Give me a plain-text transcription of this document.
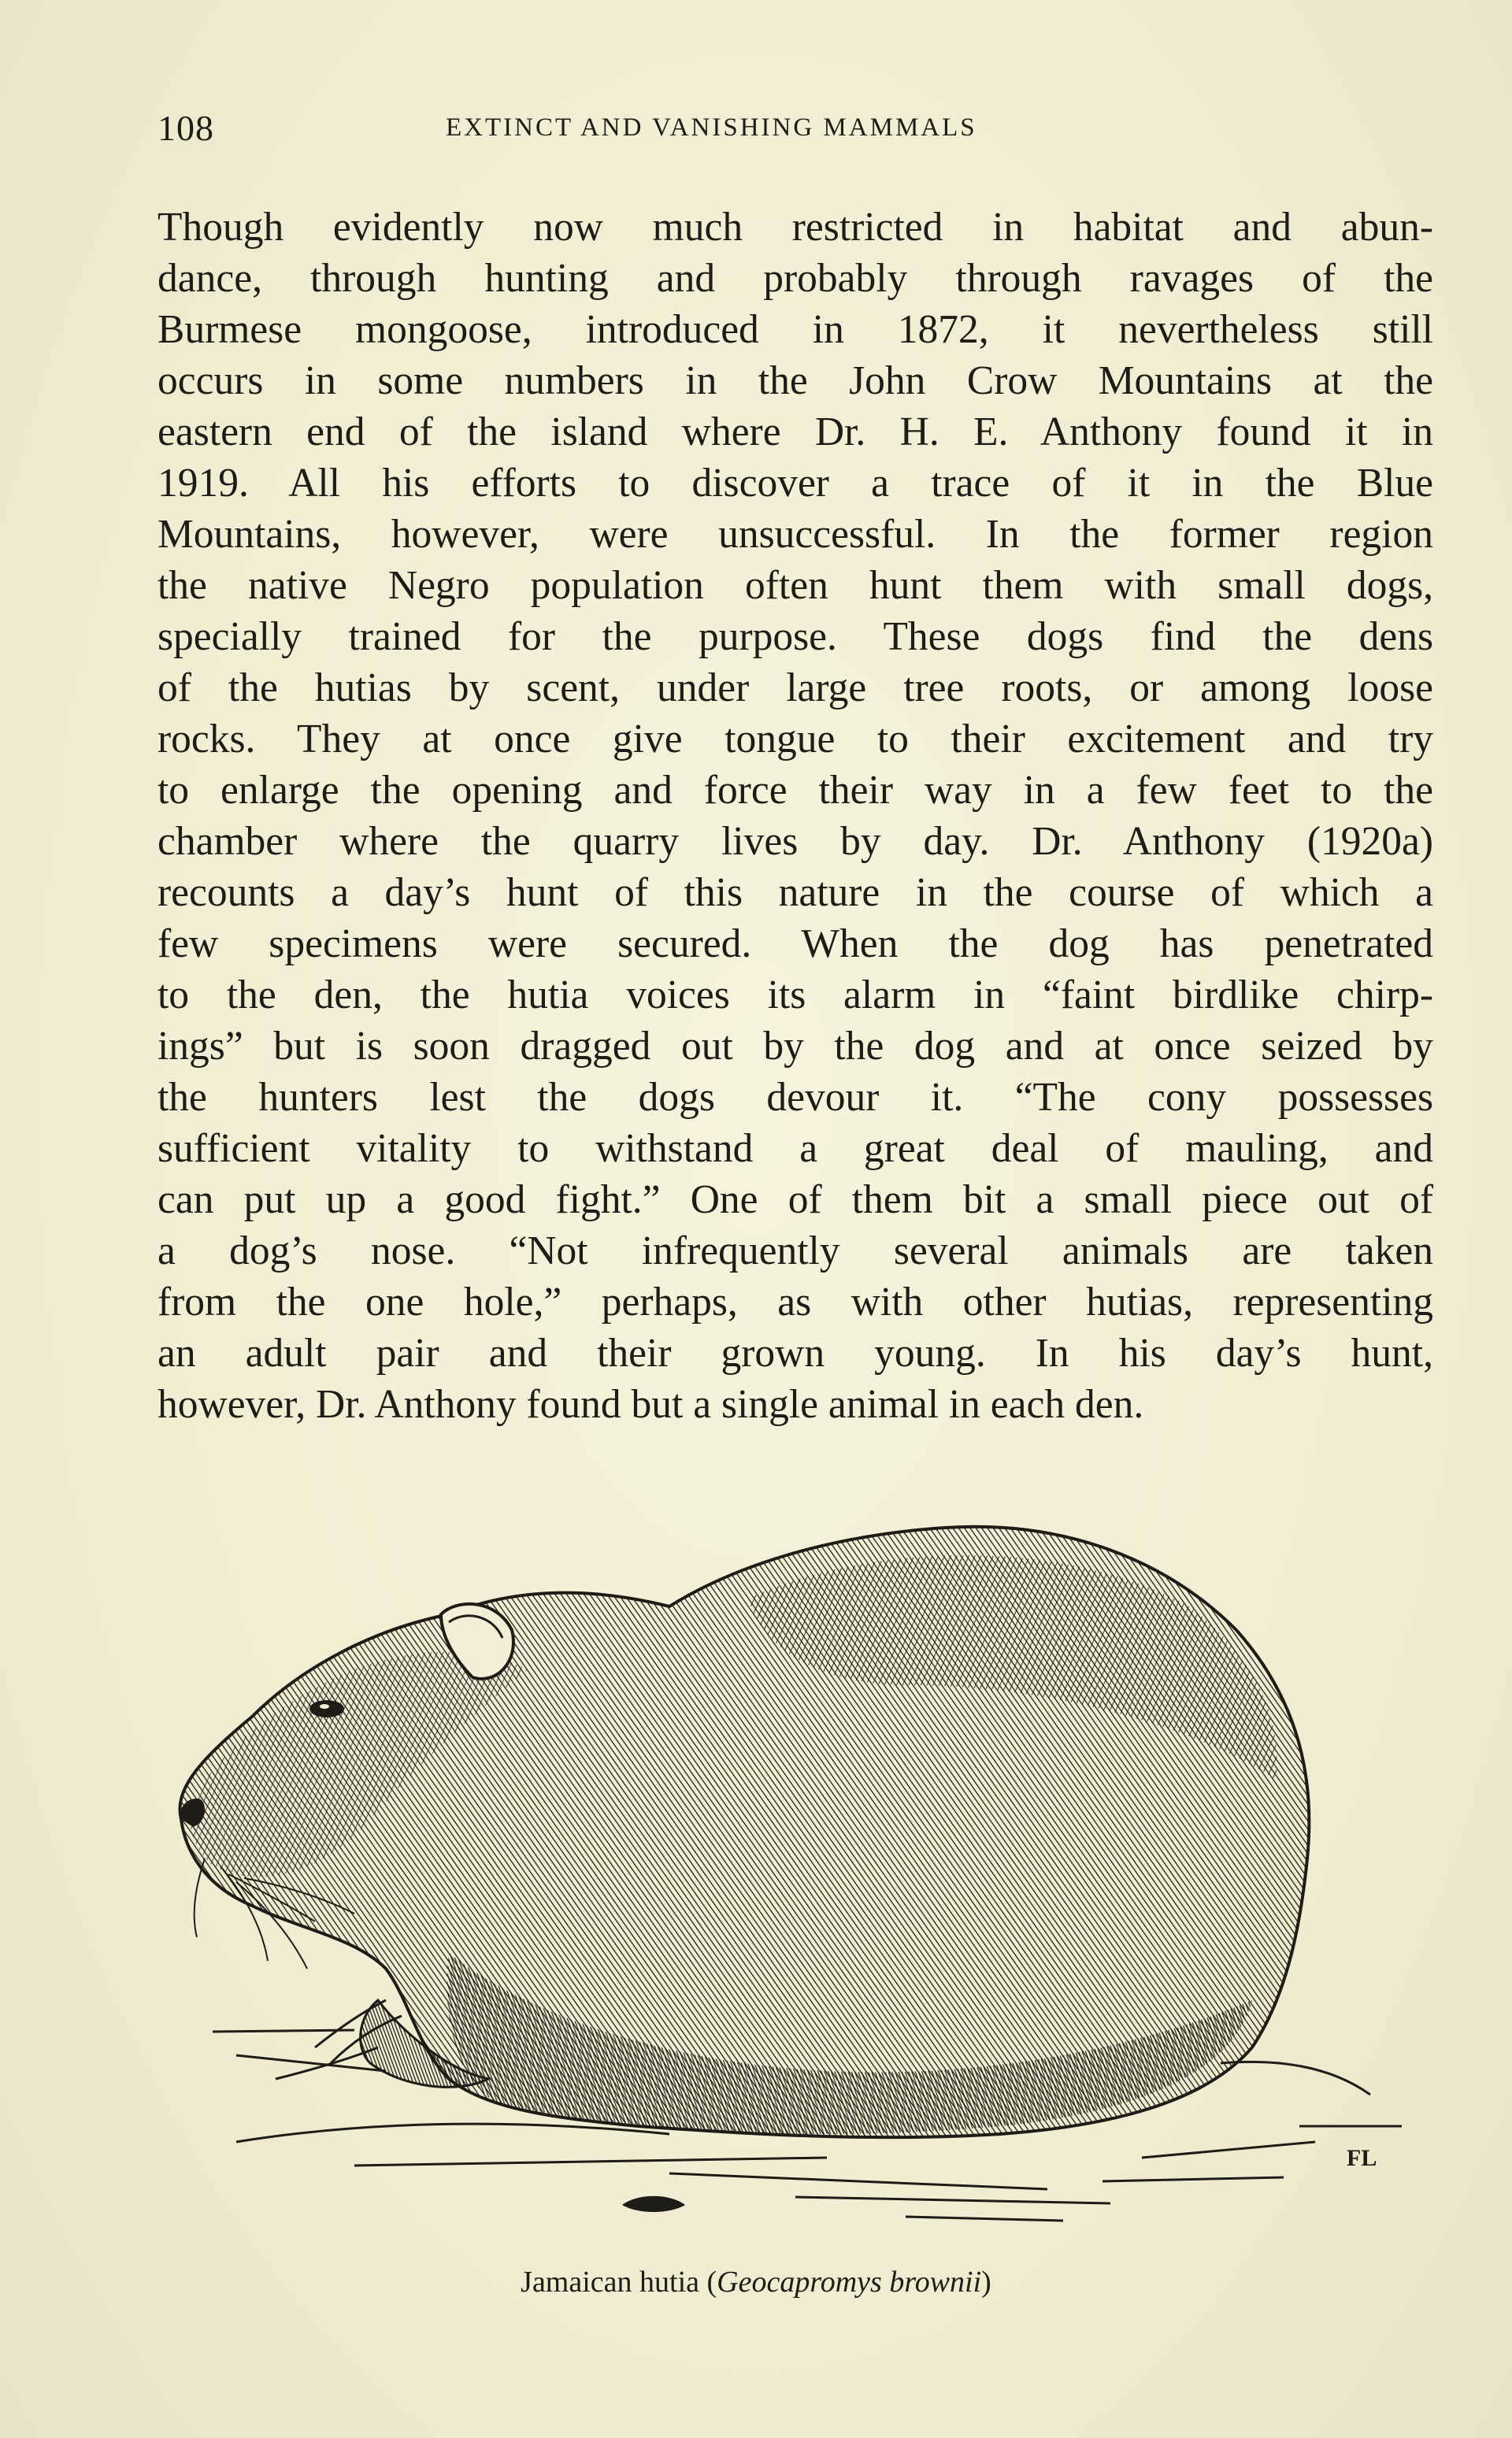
108	EXTINCT AND VANISHING MAMMALS
Though evidently now much restricted in habitat and abun-
dance, through hunting and probably through ravages of the
Burmese mongoose, introduced in 1872, it nevertheless still
occurs in some numbers in the John Crow Mountains at the
eastern end of the island where Dr. H. E. Anthony found it in
1919. All his efforts to discover a trace of it in the Blue
Mountains, however, were unsuccessful. In the former region
the native Negro population often hunt them with small dogs,
specially trained for the purpose. These dogs find the dens
of the hutias by scent, under large tree roots, or among loose
rocks. They at once give tongue to their excitement and try
to enlarge the opening and force their way in a few feet to the
chamber where the quarry lives by day. Dr. Anthony (1920a)
recounts a day’s hunt of this nature in the course of which a
few specimens were secured. When the dog has penetrated
to the den, the hutia voices its alarm in “faint birdlike chirp-
ings” but is soon dragged out by the dog and at once seized by
the hunters lest the dogs devour it. “The cony possesses
sufficient vitality to withstand a great deal of mauling, and
can put up a good fight.” One of them bit a small piece out of
a dog’s nose. “Not infrequently several animals are taken
from the one hole,” perhaps, as with other hutias, representing
an adult pair and their grown young. In his day’s hunt,
however, Dr. Anthony found but a single animal in each den.
FL
Jamaican hutia (Geocapromys brownii)
